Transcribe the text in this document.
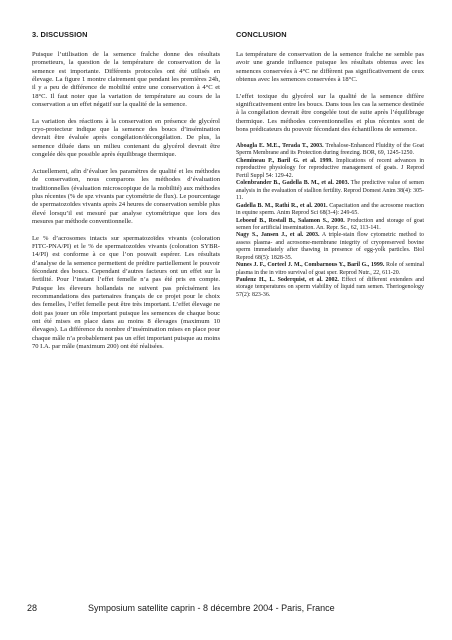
3. DISCUSSION

Puisque l’utilisation de la semence fraîche donne des résultats prometteurs, la question de la température de conservation de la semence est importante. Différents protocoles ont été utilisés en élevage. La figure 1 montre clairement que pendant les premières 24h, il y a peu de différence de mobilité entre une conservation à 4°C et 18°C. Il faut noter que la variation de température au cours de la conservation a un effet négatif sur la qualité de la semence.

La variation des réactions à la conservation en présence de glycérol cryo-protecteur indique que la semence des boucs d’insémination devrait être évaluée après congélation/décongélation. De plus, la semence diluée dans un milieu contenant du glycérol devrait être congelée dès que possible après équilibrage thermique.

Actuellement, afin d’évaluer les paramètres de qualité et les méthodes de conservation, nous comparons les méthodes d’évaluation traditionnelles (évaluation microscopique de la mobilité) aux méthodes plus récentes (% de spz vivants par cytométrie de flux). Le pourcentage de spermatozoïdes vivants après 24 heures de conservation semble plus élevé lorsqu’il est mesuré par analyse cytométrique que lors des mesures par méthode conventionnelle.

Le % d’acrosomes intacts sur spermatozoïdes vivants (coloration FITC-PNA/PI) et le % de spermatozoïdes vivants (coloration SYBR-14/PI) est conforme à ce que l’on pouvait espérer. Les résultats d’analyse de la semence permettent de prédire partiellement le pouvoir fécondant des boucs. Cependant d’autres facteurs ont un effet sur la fertilité. Pour l’instant l’effet femelle n’a pas été pris en compte. Puisque les éleveurs hollandais ne suivent pas précisément les recommandations des partenaires français de ce projet pour le choix des femelles, l’effet femelle peut être très important. L’effet élevage ne doit pas jouer un rôle important puisque les semences de chaque bouc ont été mises en place dans au moins 8 élevages (maximum 10 élevages). La différence du nombre d’insémination mises en place pour chaque mâle n’a probablement pas un effet important puisque au moins 70 I.A. par mâle (maximum 200) ont été réalisées.

CONCLUSION

La température de conservation de la semence fraîche ne semble pas avoir une grande influence puisque les résultats obtenus avec les semences conservées à 4°C ne diffèrent pas significativement de ceux obtenus avec les semences conservées à 18°C.

L’effet toxique du glycérol sur la qualité de la semence diffère significativement entre les boucs. Dans tous les cas la semence destinée à la congélation devrait être congelée tout de suite après l’équilibrage thermique. Les méthodes conventionnelles et plus récentes sont de bons prédicateurs du pouvoir fécondant des échantillons de semence.

Aboagla E. M.E., Terada T., 2003. Trehalose-Enhanced Fluidity of the Goat Sperm Membrane and its Protection during freezing. BOR, 69, 1245-1250.
Chemineau P., Baril G. et al. 1999. Implications of recent advances in reproductive physiology for reproductive management of goats. J Reprod Fertil Suppl 54: 129-42.
Colenbrander B., Gadella B. M., et al. 2003. The predictive value of semen analysis in the evaluation of stallion fertility. Reprod Domest Anim 38(4): 305-11.
Gadella B. M., Rathi R., et al. 2001. Capacitation and the acrosome reaction in equine sperm. Anim Reprod Sci 68(3-4): 249-65.
Leboeuf B., Restall B., Salamon S., 2000. Production and storage of goat semen for artificial insemination. An. Repr. Sc., 62, 113-141.
Nagy S., Jansen J., et al. 2003. A triple-stain flow cytometric method to assess plasma- and acrosome-membrane integrity of cryopreserved bovine sperm immediately after thawing in presence of egg-yolk particles. Biol Reprod 68(5): 1828-35.
Nunes J. F., Corteel J. M., Combarnous Y., Baril G., 1999. Role of seminal plasma in the in vitro survival of goat sper. Reprod Nutr., 22, 611-20.
Paulenz H., L. Soderquist, et al. 2002. Effect of different extenders and storage temperatures on sperm viability of liquid ram semen. Theriogenology 57(2): 823-36.
28	Symposium satellite caprin - 8 décembre 2004 - Paris, France
